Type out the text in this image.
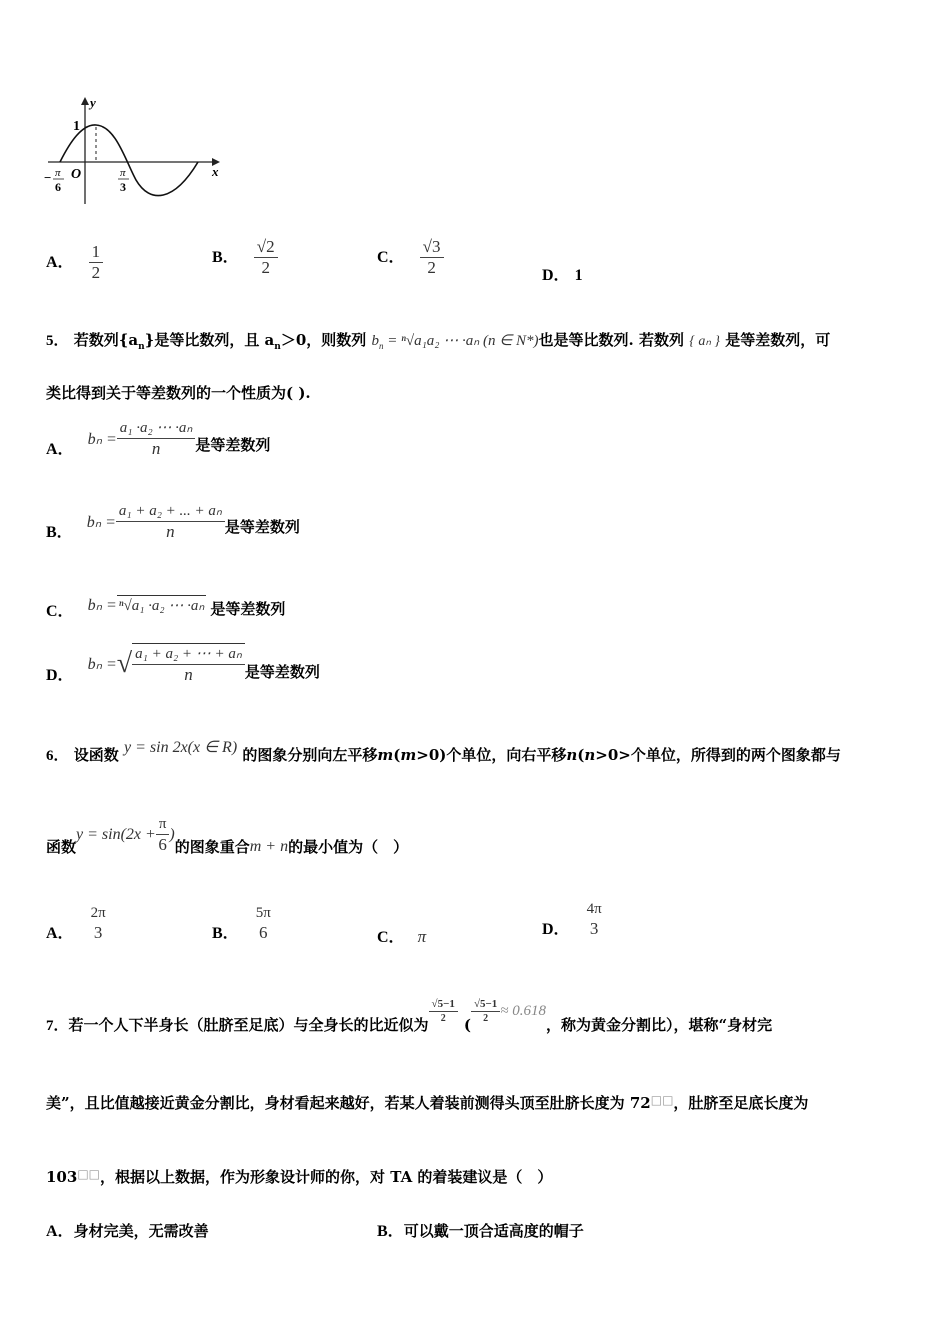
y
x
O
1
− π
6
π
3
A． $\frac{1}{2}$	B． $\frac{√2}{2}$	C． $\frac{√3}{2}$	D． 1
5． 若数列$\{a_n\}$是等比数列，且 $a_n>0$，则数列 $b_n = ^n√a_1a_2$ ⋯ ·aₙ (n ∈ N*)也是等比数列. 若数列 { aₙ } 是等差数列，可
类比得到关于等差数列的一个性质为( ).
A．
$b_n = \frac{\text{a₁ ·a₂ ⋯ ·aₙ}}{n}$ 是等差数列
B．
$b_n = \frac{\text{a₁ + a₂ + ... + aₙ}}{n}$ 是等差数列
C． bₙ = ⁿ√a₁ ·a₂ ⋯ ·aₙ 是等差数列
D．
bₙ = √ $\frac{\text{a₁ + a₂ + ⋯ + aₙ}}{n}$ 是等差数列
6． 设函数 y = sin 2x(x ∈ R) 的图象分别向左平移m(m>0)个单位，向右平移n(n>0>个单位，所得到的两个图象都与
函数
$y = \sin(2x + \frac{\pi}{6}$ )
的图象重合 m + n 的最小值为（　）
A．
2π
3	B．
5π
6	C． π	D．
4π
3
7． 若一个人下半身长（肚脐至足底）与全身长的比近似为 $\frac{√5-1}{2}$ ( $\frac{√5-1}{2} \approx 0.618$
，称为黄金分割比），堪称“身材完
美”，且比值越接近黄金分割比，身材看起来越好，若某人着装前测得头顶至肚脐长度为 72□□，肚脐至足底长度为
103□□，根据以上数据，作为形象设计师的你，对 TA 的着装建议是（　）
A．身材完美，无需改善	B．可以戴一顶合适高度的帽子
